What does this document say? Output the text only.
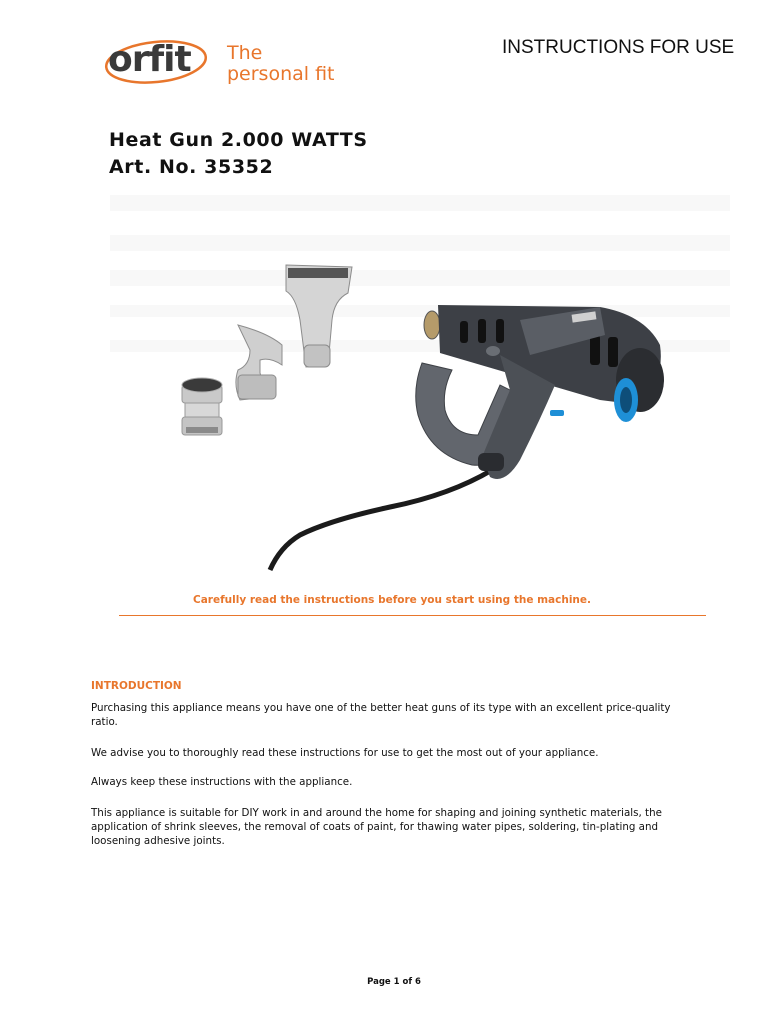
orfit The
personal fit
INSTRUCTIONS FOR USE
Heat Gun 2.000 WATTS
Art. No. 35352
Carefully read the instructions before you start using the machine.
INTRODUCTION
Purchasing this appliance means you have one of the better heat guns of its type with an excellent price-quality ratio.
We advise you to thoroughly read these instructions for use to get the most out of your appliance.
Always keep these instructions with the appliance.
This appliance is suitable for DIY work in and around the home for shaping and joining synthetic materials, the application of shrink sleeves, the removal of coats of paint, for thawing water pipes, soldering, tin-plating and loosening adhesive joints.
Page 1 of 6
